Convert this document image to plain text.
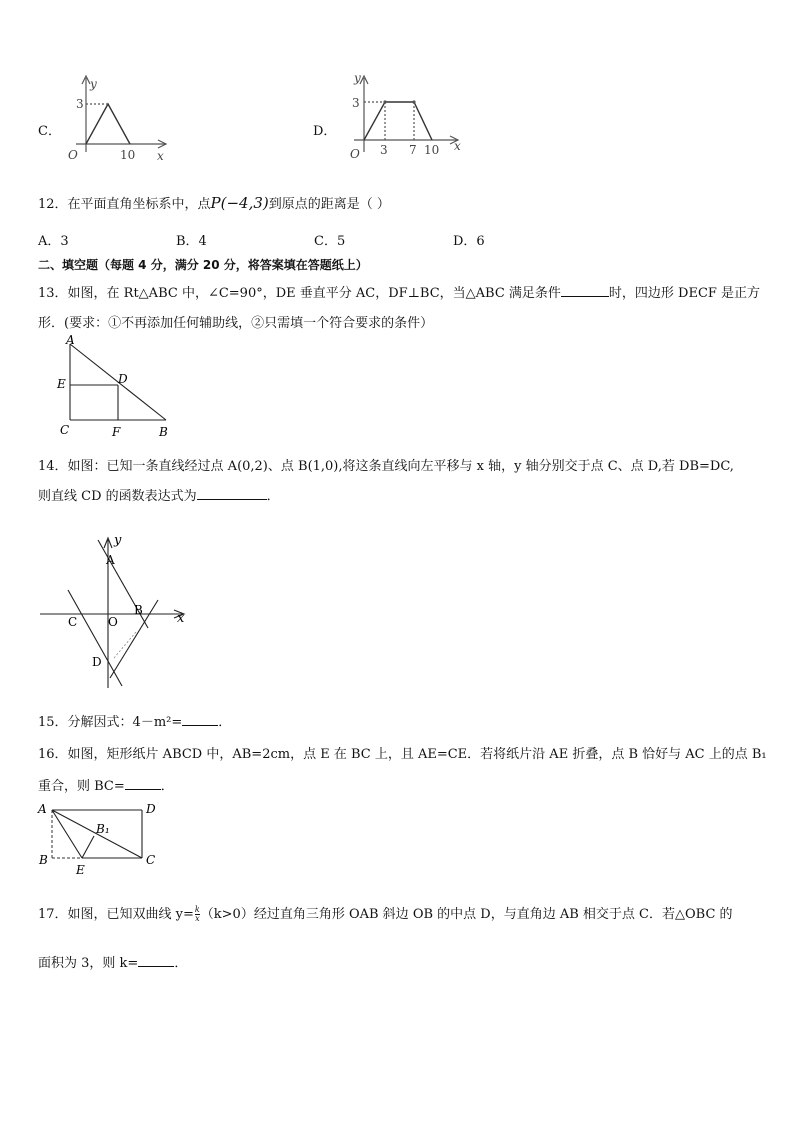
C．
y
3
O	10 x
D．
y
3
O 3 7 10 x
12．在平面直角坐标系中，点P(−4,3)到原点的距离是（ ）
A．3	B．4	C．5	D．6
二、填空题（每题 4 分，满分 20 分，将答案填在答题纸上）
13．如图，在 Rt△ABC 中，∠C=90°，DE 垂直平分 AC，DF⊥BC，当△ABC 满足条件	时，四边形 DECF 是正方
形．(要求：①不再添加任何辅助线，②只需填一个符合要求的条件）
A
E	D
C	F	B
14．如图：已知一条直线经过点 A(0,2)、点 B(1,0),将这条直线向左平移与 x 轴，y 轴分别交于点 C、点 D,若 DB=DC,
则直线 CD 的函数表达式为	．
y
A
B
x
C	O
D
15．分解因式：4－m²=	．
16．如图，矩形纸片 ABCD 中，AB=2cm，点 E 在 BC 上，且 AE=CE．若将纸片沿 AE 折叠，点 B 恰好与 AC 上的点 B₁
重合，则 BC=	．
A	D
B₁
B
E
C
17．如图，已知双曲线 $y= \frac{k}{x} (k>0)$经过直角三角形 OAB 斜边 OB 的中点 D，与直角边 AB 相交于点 C．若△OBC 的
面积为 3，则 k=	．
